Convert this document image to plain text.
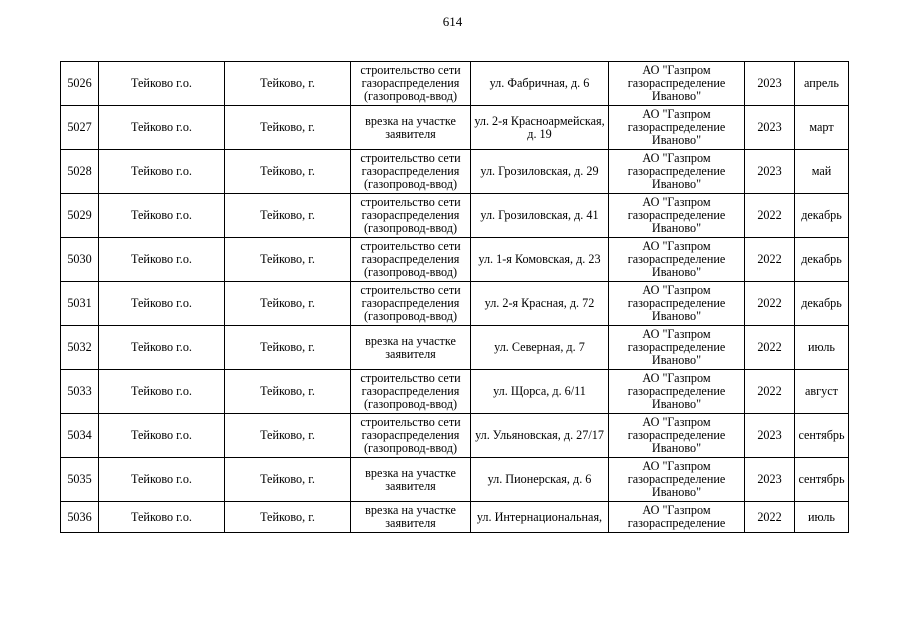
614
5026	Тейково г.о.	Тейково, г.	строительство сети газораспределения (газопровод-ввод)	ул. Фабричная, д. 6	АО "Газпром газораспределение Иваново"	2023	апрель
5027	Тейково г.о.	Тейково, г.	врезка на участке заявителя	ул. 2-я Красноармейская, д. 19	АО "Газпром газораспределение Иваново"	2023	март
5028	Тейково г.о.	Тейково, г.	строительство сети газораспределения (газопровод-ввод)	ул. Грозиловская, д. 29	АО "Газпром газораспределение Иваново"	2023	май
5029	Тейково г.о.	Тейково, г.	строительство сети газораспределения (газопровод-ввод)	ул. Грозиловская, д. 41	АО "Газпром газораспределение Иваново"	2022	декабрь
5030	Тейково г.о.	Тейково, г.	строительство сети газораспределения (газопровод-ввод)	ул. 1-я Комовская, д. 23	АО "Газпром газораспределение Иваново"	2022	декабрь
5031	Тейково г.о.	Тейково, г.	строительство сети газораспределения (газопровод-ввод)	ул. 2-я Красная, д. 72	АО "Газпром газораспределение Иваново"	2022	декабрь
5032	Тейково г.о.	Тейково, г.	врезка на участке заявителя	ул. Северная, д. 7	АО "Газпром газораспределение Иваново"	2022	июль
5033	Тейково г.о.	Тейково, г.	строительство сети газораспределения (газопровод-ввод)	ул. Щорса, д. 6/11	АО "Газпром газораспределение Иваново"	2022	август
5034	Тейково г.о.	Тейково, г.	строительство сети газораспределения (газопровод-ввод)	ул. Ульяновская, д. 27/17	АО "Газпром газораспределение Иваново"	2023	сентябрь
5035	Тейково г.о.	Тейково, г.	врезка на участке заявителя	ул. Пионерская, д. 6	АО "Газпром газораспределение Иваново"	2023	сентябрь

5036	Тейково г.о.	Тейково, г.	врезка на участке заявителя	ул. Интернациональная,	АО "Газпром газораспределение	2022	июль
